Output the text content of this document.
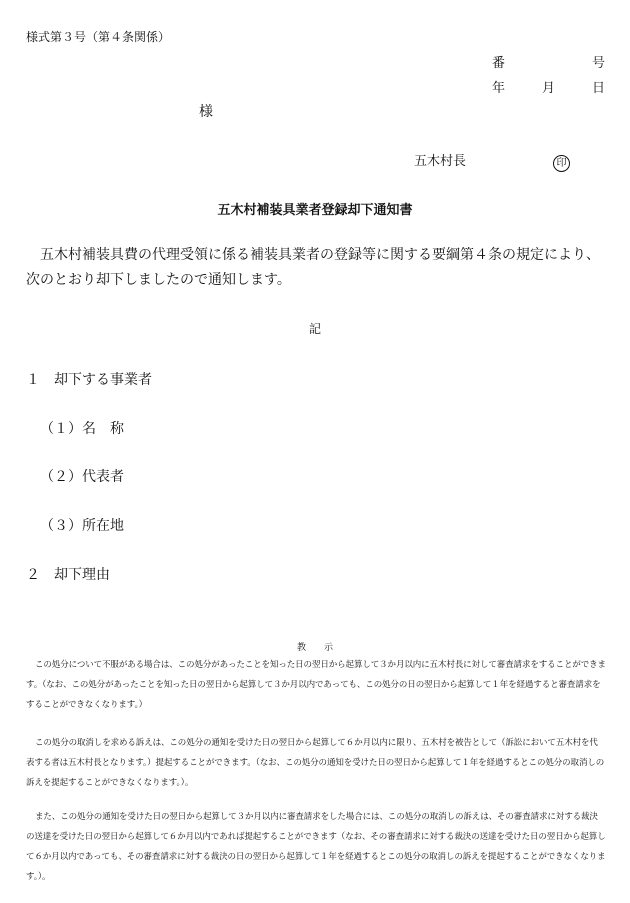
様式第３号（第４条関係）
番	号
年	月	日
様
五木村長	印
五木村補装具業者登録却下通知書
五木村補装具費の代理受領に係る補装具業者の登録等に関する要綱第４条の規定により、次のとおり却下しましたので通知します。
記
１　却下する事業者
（１）名　称
（２）代表者
（３）所在地
２　却下理由
教　　示
この処分について不服がある場合は、この処分があったことを知った日の翌日から起算して３か月以内に五木村長に対して審査請求をすることができます。（なお、この処分があったことを知った日の翌日から起算して３か月以内であっても、この処分の日の翌日から起算して１年を経過すると審査請求をすることができなくなります。）
この処分の取消しを求める訴えは、この処分の通知を受けた日の翌日から起算して６か月以内に限り、五木村を被告として（訴訟において五木村を代表する者は五木村長となります。）提起することができます。（なお、この処分の通知を受けた日の翌日から起算して１年を経過するとこの処分の取消しの訴えを提起することができなくなります。）。
また、この処分の通知を受けた日の翌日から起算して３か月以内に審査請求をした場合には、この処分の取消しの訴えは、その審査請求に対する裁決の送達を受けた日の翌日から起算して６か月以内であれば提起することができます（なお、その審査請求に対する裁決の送達を受けた日の翌日から起算して６か月以内であっても、その審査請求に対する裁決の日の翌日から起算して１年を経過するとこの処分の取消しの訴えを提起することができなくなります。）。
